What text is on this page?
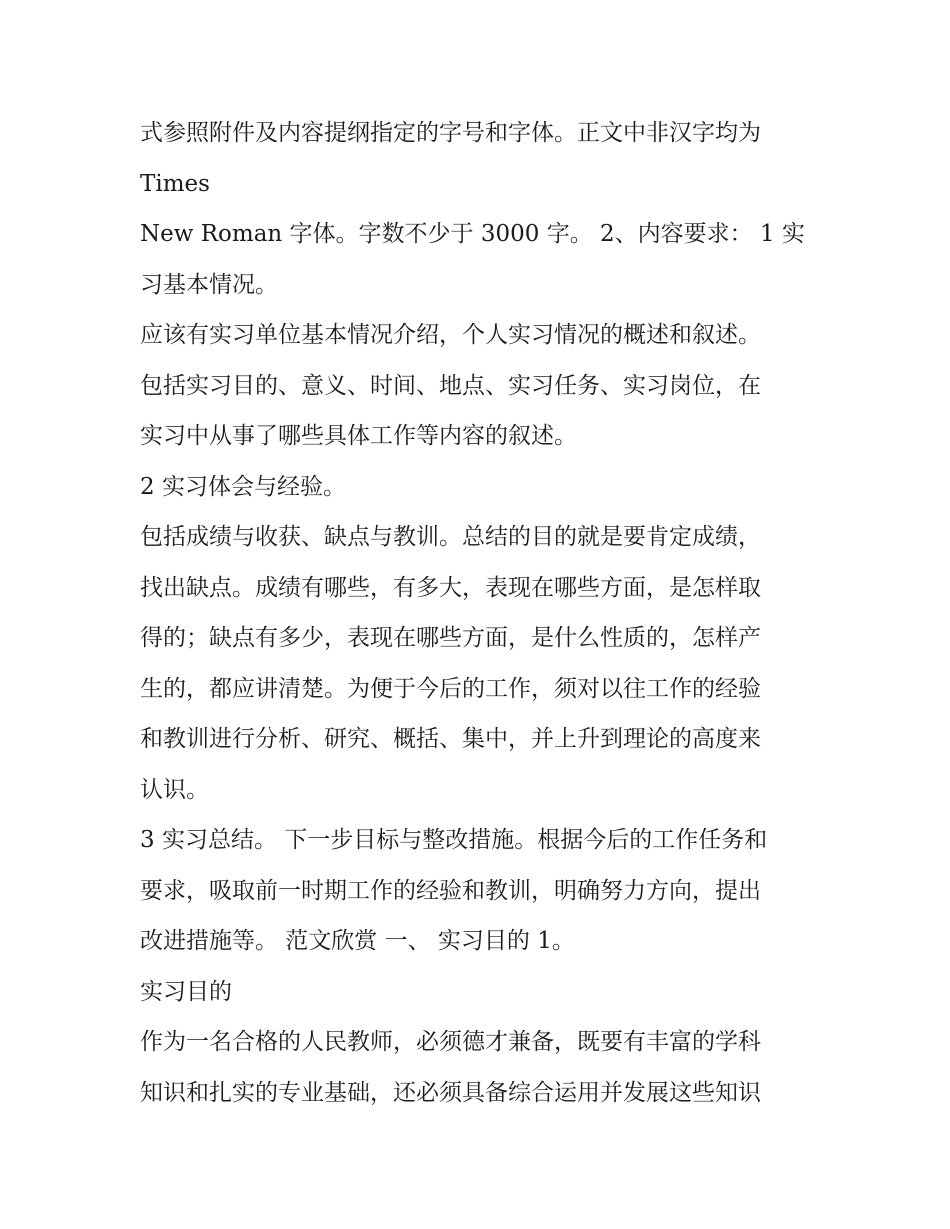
式参照附件及内容提纲指定的字号和字体。正文中非汉字均为

Times

New Roman 字体。字数不少于 3000 字。 2、内容要求： 1 实

习基本情况。

应该有实习单位基本情况介绍，个人实习情况的概述和叙述。

包括实习目的、意义、时间、地点、实习任务、实习岗位，在

实习中从事了哪些具体工作等内容的叙述。

2 实习体会与经验。

包括成绩与收获、缺点与教训。总结的目的就是要肯定成绩，

找出缺点。成绩有哪些，有多大，表现在哪些方面，是怎样取

得的；缺点有多少，表现在哪些方面，是什么性质的，怎样产

生的，都应讲清楚。为便于今后的工作，须对以往工作的经验

和教训进行分析、研究、概括、集中，并上升到理论的高度来

认识。

3 实习总结。 下一步目标与整改措施。根据今后的工作任务和

要求，吸取前一时期工作的经验和教训，明确努力方向，提出

改进措施等。 范文欣赏 一、 实习目的 1。

实习目的

作为一名合格的人民教师，必须德才兼备，既要有丰富的学科

知识和扎实的专业基础，还必须具备综合运用并发展这些知识
